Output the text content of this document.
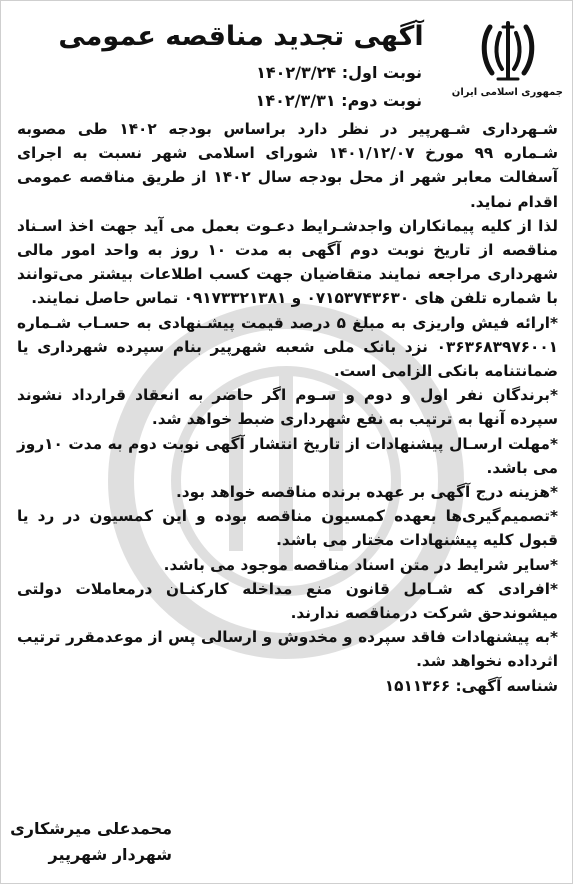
جمهوری اسلامی ایران
آگهی تجدید مناقصه عمومی
نوبت اول: ۱۴۰۲/۳/۲۴
نوبت دوم: ۱۴۰۲/۳/۳۱

شـهرداری شـهرپیر در نظر دارد براساس بودجه ۱۴۰۲ طی مصوبه شـماره ۹۹ مورخ ۱۴۰۱/۱۲/۰۷ شورای اسلامی شهر نسبت به اجرای آسفالت معابر شهر از محل بودجه سال ۱۴۰۲ از طریق مناقصه عمومی اقدام نماید.

لذا از کلیه پیمانکاران واجدشـرایط دعـوت بعمل می آید جهت اخذ اسـناد مناقصه از تاریخ نوبت دوم آگهی به مدت ۱۰ روز به واحد امور مالی شهرداری مراجعه نمایند متقاضیان جهت کسب اطلاعات بیشتر می‌توانند با شماره تلفن های ۰۷۱۵۳۷۴۳۶۳۰ و ۰۹۱۷۳۳۲۱۳۸۱ تماس حاصل نمایند.

*ارائه فیش واریزی به مبلغ ۵ درصد قیمت پیشـنهادی به حسـاب شـماره ۰۳۶۳۶۸۳۹۷۶۰۰۱ نزد بانک ملی شعبه شهرپیر بنام سپرده شهرداری یا ضمانتنامه بانکی الزامی است.

*برندگان نفر اول و دوم و سـوم اگر حاضر به انعقاد قرارداد نشوند سپرده آنها به ترتیب به نفع شهرداری ضبط خواهد شد.

*مهلت ارسـال پیشنهادات از تاریخ انتشار آگهی نوبت دوم به مدت ۱۰روز می باشد.

*هزینه درج آگهی بر عهده برنده مناقصه خواهد بود.

*تصمیم‌گیری‌ها بعهده کمسیون مناقصه بوده و این کمسیون در رد یا قبول کلیه پیشنهادات مختار می باشد.

*سایر شرایط در متن اسناد مناقصه موجود می باشد.

*افرادی که شـامل قانون منع مداخله کارکنـان درمعاملات دولتی میشوندحق شرکت درمناقصه ندارند.

*به پیشنهادات فاقد سپرده و مخدوش و ارسالی پس از موعدمقرر ترتیب اثرداده نخواهد شد.

شناسه آگهی: ۱۵۱۱۳۶۶

محمدعلی میرشکاری
شهردار شهرپیر
